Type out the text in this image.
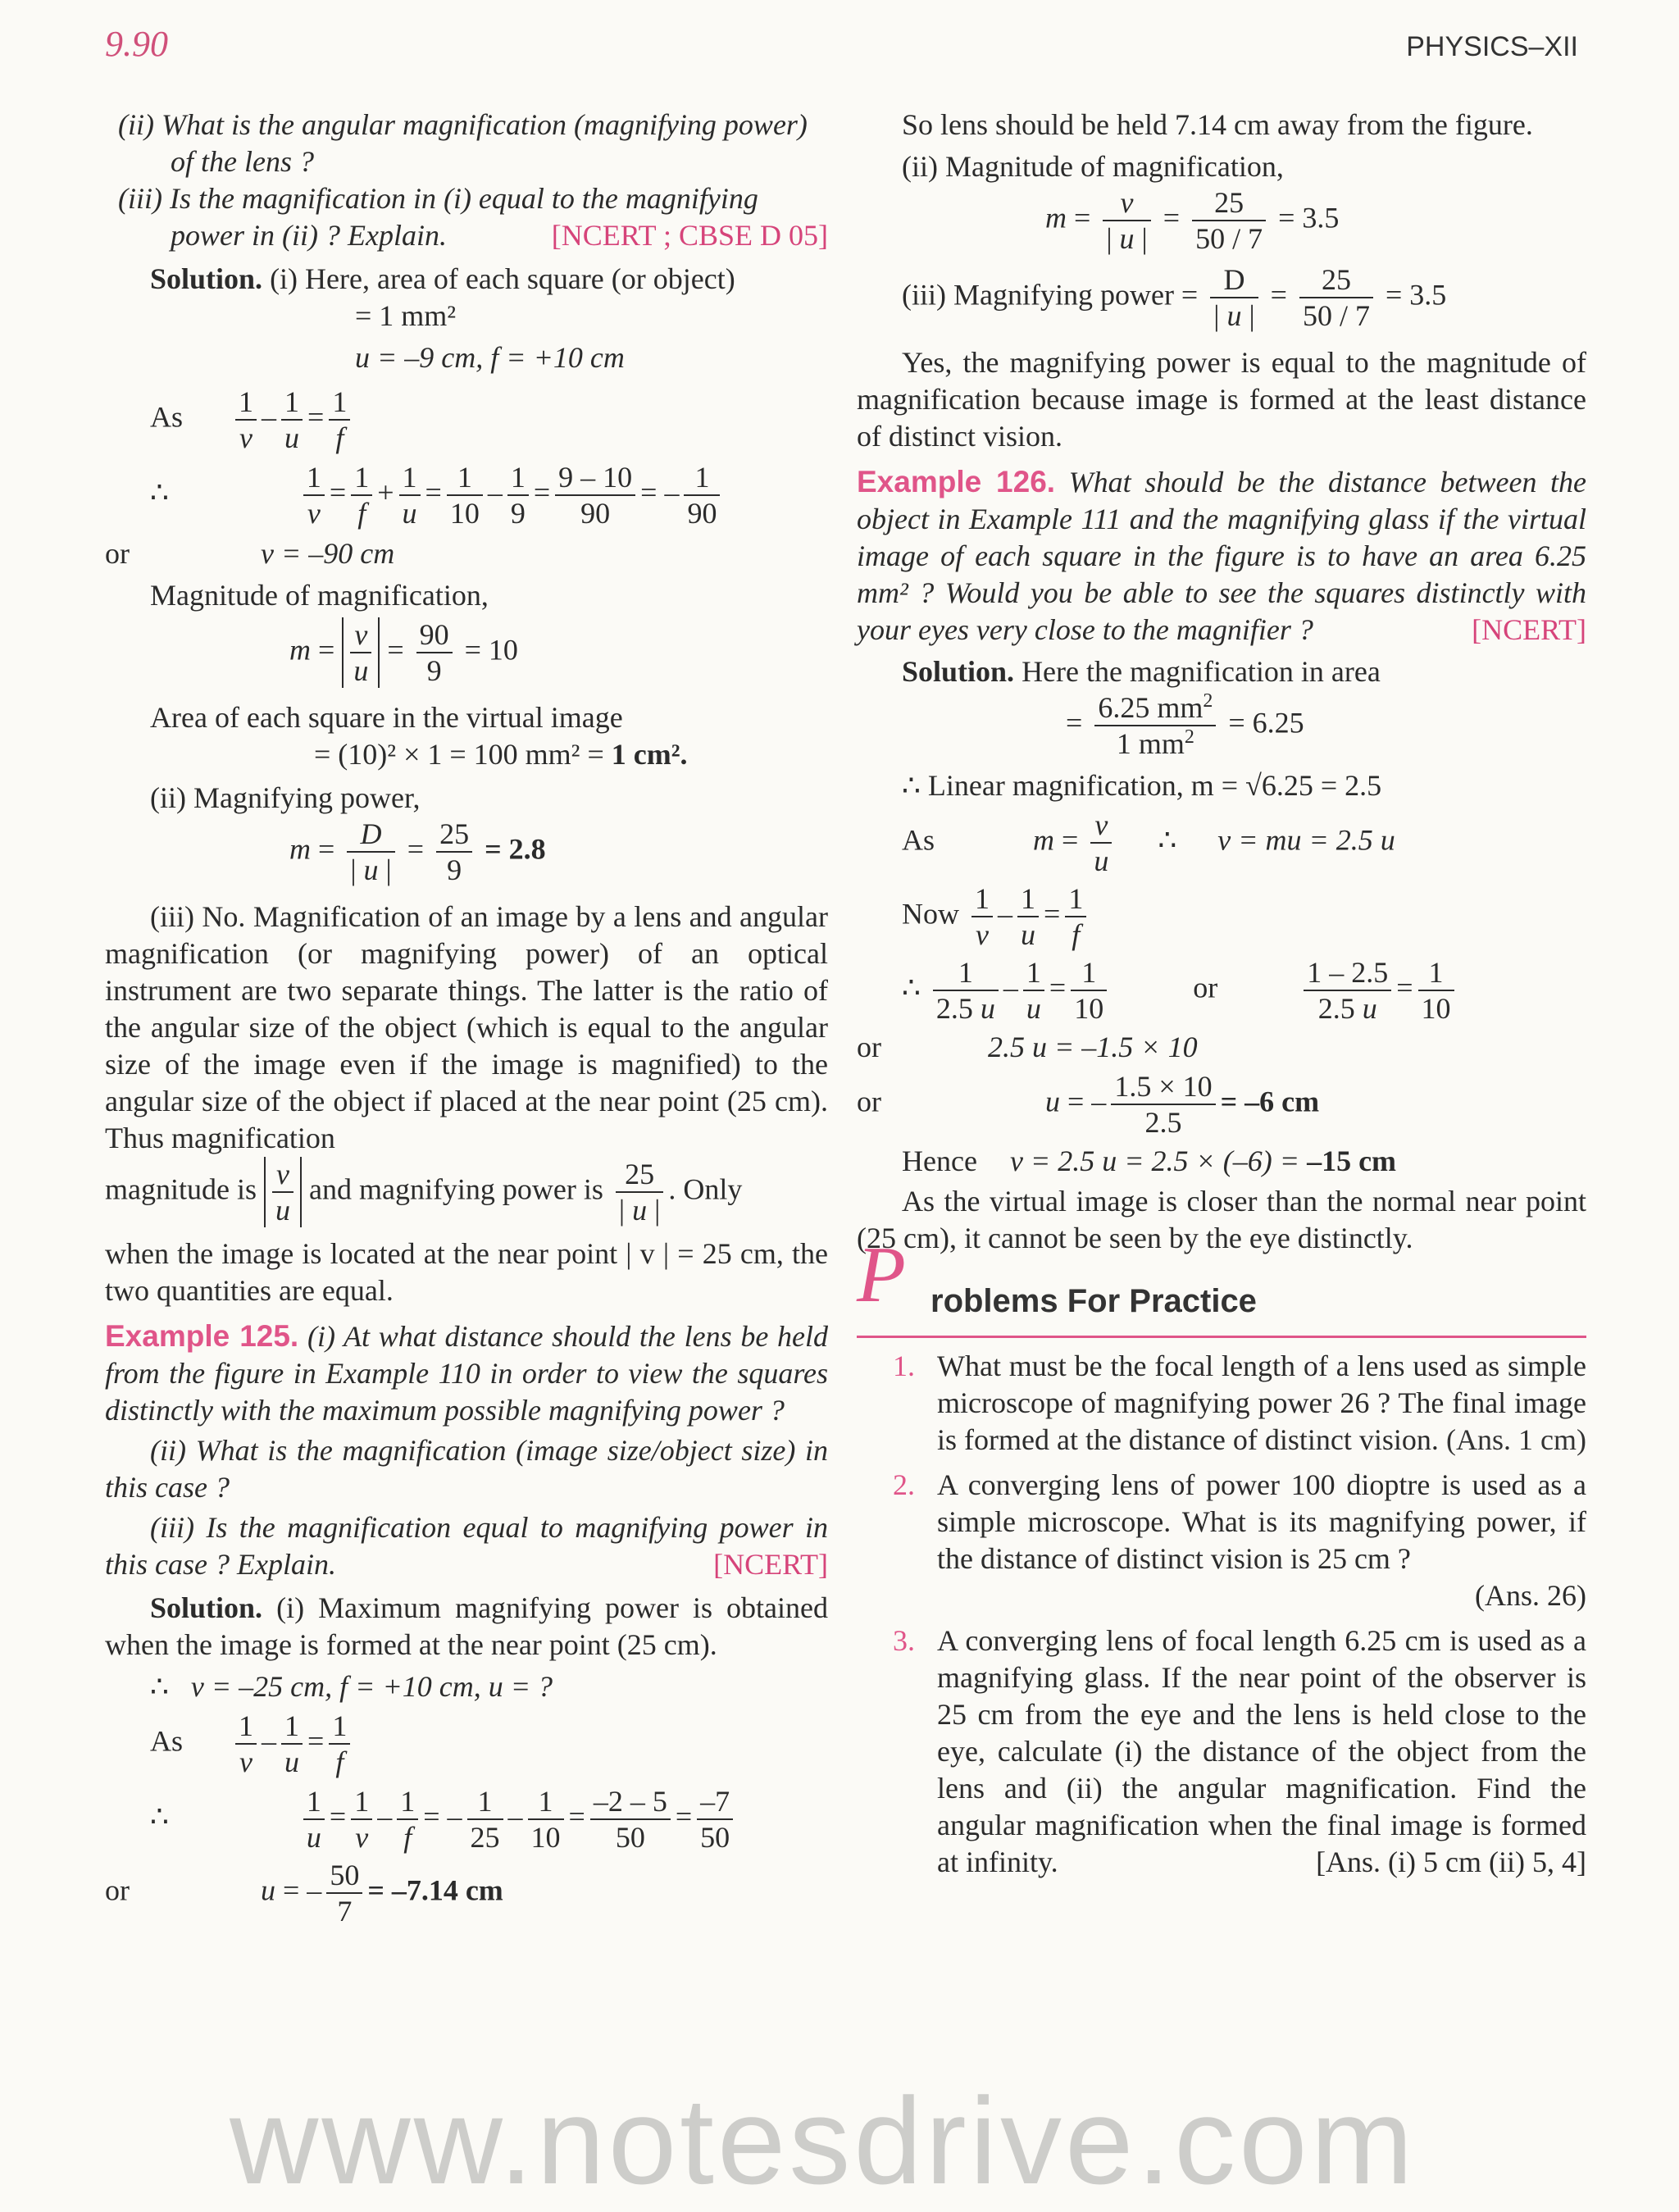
9.90	PHYSICS–XII

(ii) What is the angular magnification (magnifying power) of the lens ?

(iii) Is the magnification in (i) equal to the magnifying power in (ii) ? Explain.	[NCERT ; CBSE D 05]

Solution. (i) Here, area of each square (or object)

= 1 mm²
u = –9 cm, f = +10 cm
As $\frac{1}{v} - \frac{1}{u} = \frac{1}{f}$
∴	$\frac{1}{v} = \frac{1}{f} + \frac{1}{u} = \frac{1}{10} - \frac{1}{9} = \frac{9 - 10}{90}$ = – $\frac{1}{90}$
or	v = –90 cm
Magnitude of magnification,
$m = \frac{v}{u} = \frac{90}{9} = 10$
Area of each square in the virtual image
= (10)² × 1 = 100 mm² = 1 cm².
(ii) Magnifying power,
$m = \frac{D}{| u |} = \frac{25}{9} = 2.8$

(iii) No. Magnification of an image by a lens and angular magnification (or magnifying power) of an optical instrument are two separate things. The latter is the ratio of the angular size of the object (which is equal to the angular size of the image even if the image is magnified) to the angular size of the object if placed at the near point (25 cm). Thus magnification

magnitude is $\frac{v}{u}$ and magnifying power is $\frac{25}{| u |}$ . Only

when the image is located at the near point | v | = 25 cm, the two quantities are equal.

Example 125. (i) At what distance should the lens be held from the figure in Example 110 in order to view the squares distinctly with the maximum possible magnifying power ?

(ii) What is the magnification (image size/object size) in this case ?

(iii) Is the magnification equal to magnifying power in this case ? Explain.	[NCERT]

Solution. (i) Maximum magnifying power is obtained when the image is formed at the near point (25 cm).

∴ v = –25 cm, f = +10 cm, u = ?
As $\frac{1}{v} - \frac{1}{u} = \frac{1}{f}$
∴	$\frac{1}{u} = \frac{1}{v} - \frac{1}{f}$ = – $\frac{1}{25} - \frac{1}{10} = \frac{-2 - 5}{50} = \frac{-7}{50}$
or	u = – $\frac{50}{7} = -7.14$ cm

So lens should be held 7.14 cm away from the figure.

(ii) Magnitude of magnification,
$m = \frac{v}{| u |} = \frac{25}{50 / 7} = 3.5$
(iii) Magnifying power = $\frac{D}{| u |} = \frac{25}{50 / 7} = 3.5$

Yes, the magnifying power is equal to the magnitude of magnification because image is formed at the least distance of distinct vision.

Example 126. What should be the distance between the object in Example 111 and the magnifying glass if the virtual image of each square in the figure is to have an area 6.25 mm² ? Would you be able to see the squares distinctly with your eyes very close to the magnifier ?	[NCERT]

Solution. Here the magnification in area

= $\frac{6.25 mm^2}{1 mm^2} = 6.25$
∴ Linear magnification, m = √6.25 = 2.5
As	$m = \frac{v}{u}$ ∴ v = mu = 2.5 u
Now $\frac{1}{v} - \frac{1}{u} = \frac{1}{f}$
∴ $\frac{1}{2.5 u} - \frac{1}{u} = \frac{1}{10}$	or	$\frac{1 - 2.5}{2.5 u} = \frac{1}{10}$
or	2.5 u = –1.5 × 10
or	u = – $\frac{1.5 \times 10}{2.5} = -6$ cm
Hence v = 2.5 u = 2.5 × (–6) = –15 cm

As the virtual image is closer than the normal near point (25 cm), it cannot be seen by the eye distinctly.

P roblems For Practice
1. What must be the focal length of a lens used as simple microscope of magnifying power 26 ? The final image is formed at the distance of distinct vision. (Ans. 1 cm)
2. A converging lens of power 100 dioptre is used as a simple microscope. What is its magnifying power, if the distance of distinct vision is 25 cm ?
(Ans. 26)
3. A converging lens of focal length 6.25 cm is used as a magnifying glass. If the near point of the observer is 25 cm from the eye and the lens is held close to the eye, calculate (i) the distance of the object from the lens and (ii) the angular magnification. Find the angular magnification when the final image is formed at infinity.	[Ans. (i) 5 cm (ii) 5, 4]
www.notesdrive.com
